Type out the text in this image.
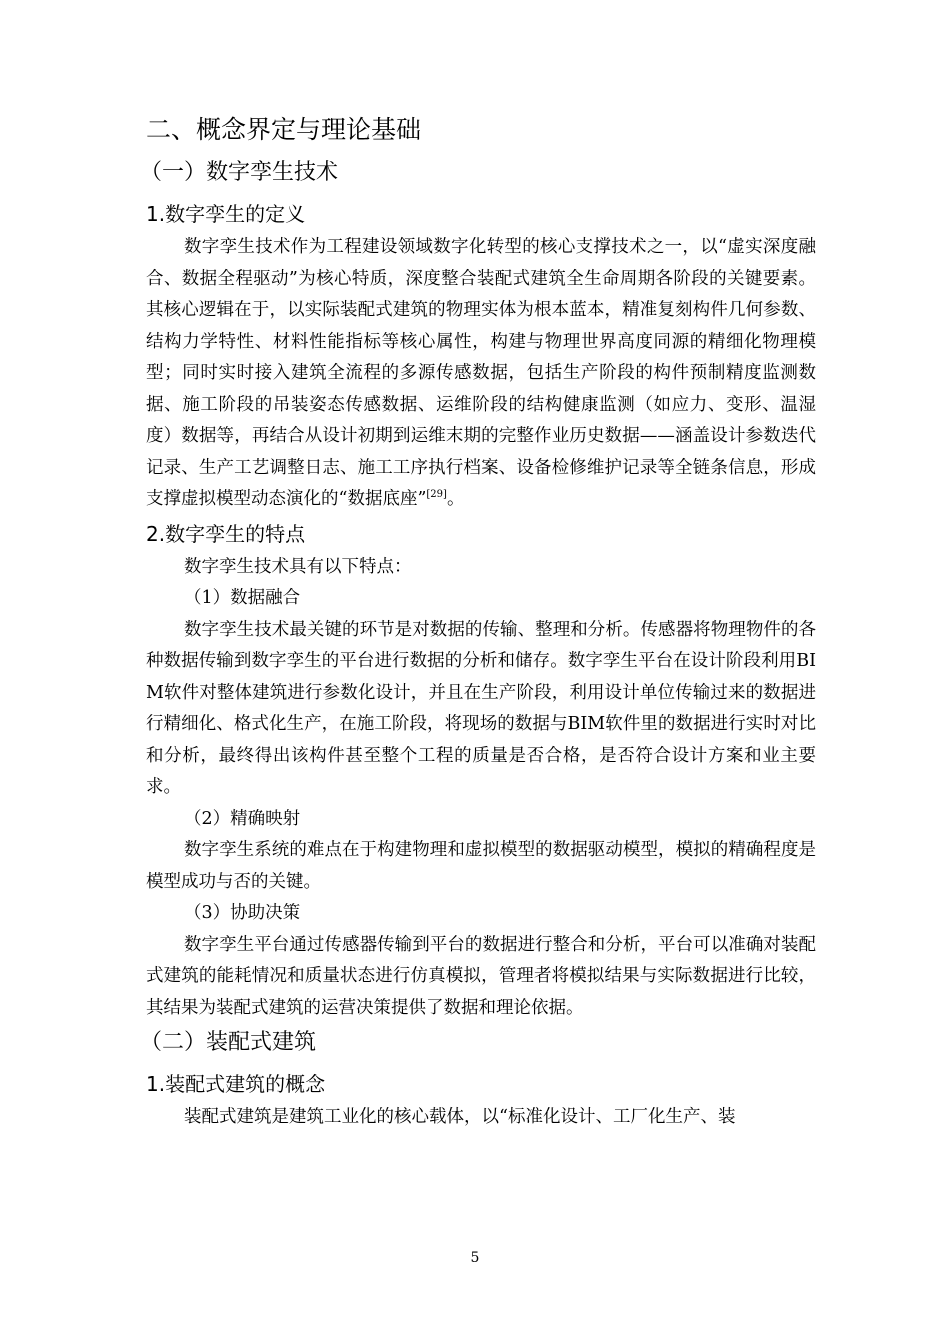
二、概念界定与理论基础
（一）数字孪生技术
1.数字孪生的定义

数字孪生技术作为工程建设领域数字化转型的核心支撑技术之一，以“虚实深度融合、数据全程驱动”为核心特质，深度整合装配式建筑全生命周期各阶段的关键要素。其核心逻辑在于，以实际装配式建筑的物理实体为根本蓝本，精准复刻构件几何参数、结构力学特性、材料性能指标等核心属性，构建与物理世界高度同源的精细化物理模型；同时实时接入建筑全流程的多源传感数据，包括生产阶段的构件预制精度监测数据、施工阶段的吊装姿态传感数据、运维阶段的结构健康监测（如应力、变形、温湿度）数据等，再结合从设计初期到运维末期的完整作业历史数据——涵盖设计参数迭代记录、生产工艺调整日志、施工工序执行档案、设备检修维护记录等全链条信息，形成支撑虚拟模型动态演化的“数据底座”[29]。

2.数字孪生的特点

数字孪生技术具有以下特点：

（1）数据融合

数字孪生技术最关键的环节是对数据的传输、整理和分析。传感器将物理物件的各种数据传输到数字孪生的平台进行数据的分析和储存。数字孪生平台在设计阶段利用BIM软件对整体建筑进行参数化设计，并且在生产阶段，利用设计单位传输过来的数据进行精细化、格式化生产，在施工阶段，将现场的数据与BIM软件里的数据进行实时对比和分析，最终得出该构件甚至整个工程的质量是否合格，是否符合设计方案和业主要求。

（2）精确映射

数字孪生系统的难点在于构建物理和虚拟模型的数据驱动模型，模拟的精确程度是模型成功与否的关键。

（3）协助决策

数字孪生平台通过传感器传输到平台的数据进行整合和分析，平台可以准确对装配式建筑的能耗情况和质量状态进行仿真模拟，管理者将模拟结果与实际数据进行比较，其结果为装配式建筑的运营决策提供了数据和理论依据。

（二）装配式建筑
1.装配式建筑的概念

装配式建筑是建筑工业化的核心载体，以“标准化设计、工厂化生产、装

5
